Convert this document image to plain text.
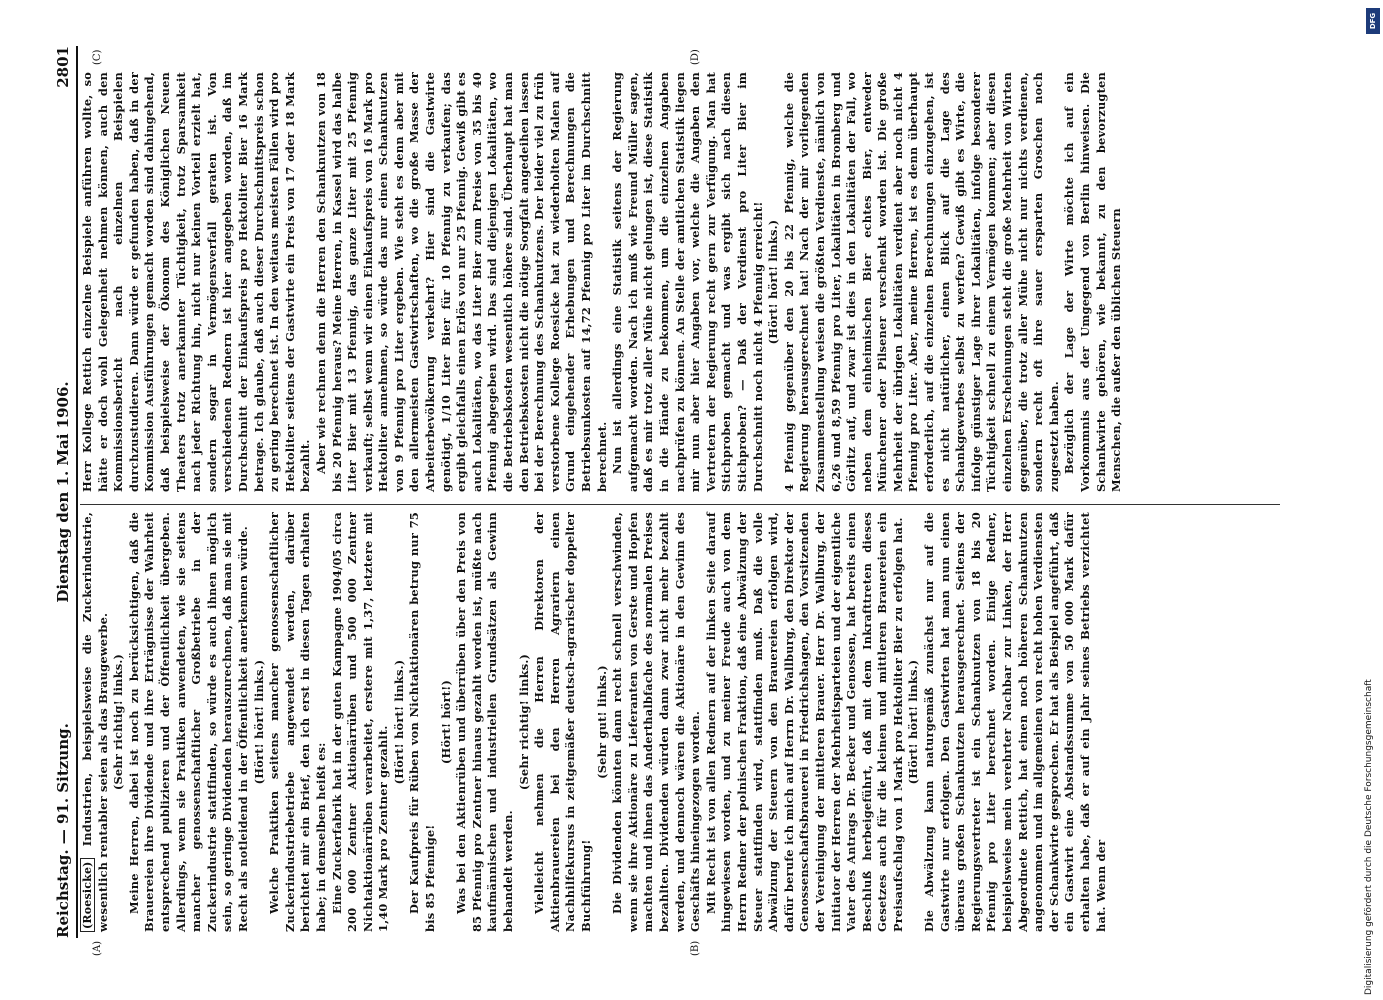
Reichstag. — 91. Sitzung.
Dienstag den 1. Mai 1906.
2801
(A)	(B)
(C)	(D)

(Roesicke) Industrien, beispielsweise die Zuckerindustrie, wesentlich rentabler seien als das Braugewerbe. (Sehr richtig! links.) Meine Herren, dabei ist noch zu berücksichtigen, daß die Brauereien ihre Dividende und ihre Erträgnisse der Wahrheit entsprechend publizieren und der Öffentlichkeit übergeben. Allerdings, wenn sie Praktiken anwendeten, wie sie seitens mancher genossenschaftlicher Großbetriebe in der Zuckerindustrie stattfinden, so würde es auch ihnen möglich sein, so geringe Dividenden herauszurechnen, daß man sie mit Recht als notleidend in der Öffentlichkeit anerkennen würde. (Hört! hört! links.) Welche Praktiken seitens mancher genossenschaftlicher Zuckerindustriebetriebe angewendet werden, darüber berichtet mir ein Brief, den ich erst in diesen Tagen erhalten habe; in demselben heißt es: Eine Zuckerfabrik hat in der guten Kampagne 1904/05 circa 200 000 Zentner Aktionärrüben und 500 000 Zentner Nichtaktionärrüben verarbeitet, erstere mit 1,37, letztere mit 1,40 Mark pro Zentner gezahlt.

(Hört! hört! links.) Der Kaufpreis für Rüben von Nichtaktionären betrug nur 75 bis 85 Pfennige!

(Hört! hört!) Was bei den Aktienrüben und überrüben über den Preis von 85 Pfennig pro Zentner hinaus gezahlt worden ist, müßte nach kaufmännischen und industriellen Grundsätzen als Gewinn behandelt werden.

(Sehr richtig! links.) Vielleicht nehmen die Herren Direktoren der Aktienbrauereien bei den Herren Agrariern einen Nachhilfekursus in zeitgemäßer deutsch-agrarischer doppelter Buchführung!

(Sehr gut! links.) Die Dividenden könnten dann recht schnell verschwinden, wenn sie ihre Aktionäre zu Lieferanten von Gerste und Hopfen machten und ihnen das Anderthalbfache des normalen Preises bezahlten. Dividenden würden dann zwar nicht mehr bezahlt werden, und dennoch wären die Aktionäre in den Gewinn des Geschäfts hineingezogen worden. Mit Recht ist von allen Rednern auf der linken Seite darauf hingewiesen worden, und zu meiner Freude auch von dem Herrn Redner der polnischen Fraktion, daß eine Abwälzung der Steuer stattfinden wird, stattfinden muß. Daß die volle Abwälzung der Steuern von den Brauereien erfolgen wird, dafür berufe ich mich auf Herrn Dr. Wallburg, den Direktor der Genossenschaftsbrauerei in Friedrichshagen, den Vorsitzenden der Vereinigung der mittleren Brauer. Herr Dr. Wallburg, der Initiator der Herren der Mehrheitsparteien und der eigentliche Vater des Antrags Dr. Becker und Genossen, hat bereits einen Beschluß herbeigeführt, daß mit dem Inkrafttreten dieses Gesetzes auch für die kleinen und mittleren Brauereien ein Preisaufschlag von 1 Mark pro Hektoliter Bier zu erfolgen hat. (Hört! hört! links.) Die Abwälzung kann naturgemäß zunächst nur auf die Gastwirte nur erfolgen. Den Gastwirten hat man nun einen überaus großen Schanknutzen herausgerechnet. Seitens der Regierungsvertreter ist ein Schanknutzen von 18 bis 20 Pfennig pro Liter berechnet worden. Einige Redner, beispielsweise mein verehrter Nachbar zur Linken, der Herr Abgeordnete Rettich, hat einen noch höheren Schanknutzen angenommen und im allgemeinen von recht hohen Verdiensten der Schankwirte gesprochen. Er hat als Beispiel angeführt, daß ein Gastwirt eine Abstandssumme von 50 000 Mark dafür erhalten habe, daß er auf ein Jahr seines Betriebs verzichtet hat. Wenn der

Herr Kollege Rettich einzelne Beispiele anführen wollte, so hätte er doch wohl Gelegenheit nehmen können, auch den Kommissionsbericht nach einzelnen Beispielen durchzustudieren. Dann würde er gefunden haben, daß in der Kommission Ausführungen gemacht worden sind dahingehend, daß beispielsweise der Ökonom des Königlichen Neuen Theaters trotz anerkannter Tüchtigkeit, trotz Sparsamkeit nach jeder Richtung hin, nicht nur keinen Vorteil erzielt hat, sondern sogar in Vermögensverfall geraten ist. Von verschiedenen Rednern ist hier angegeben worden, daß im Durchschnitt der Einkaufspreis pro Hektoliter Bier 16 Mark betrage. Ich glaube, daß auch dieser Durchschnittspreis schon zu gering berechnet ist. In den weitaus meisten Fällen wird pro Hektoliter seitens der Gastwirte ein Preis von 17 oder 18 Mark bezahlt. Aber wie rechnen denn die Herren den Schanknutzen von 18 bis 20 Pfennig heraus? Meine Herren, in Kassel wird das halbe Liter Bier mit 13 Pfennig, das ganze Liter mit 25 Pfennig verkauft; selbst wenn wir einen Einkaufspreis von 16 Mark pro Hektoliter annehmen, so würde das nur einen Schanknutzen von 9 Pfennig pro Liter ergeben. Wie steht es denn aber mit den allermeisten Gastwirtschaften, wo die große Masse der Arbeiterbevölkerung verkehrt? Hier sind die Gastwirte genötigt, 1/10 Liter Bier für 10 Pfennig zu verkaufen; das ergibt gleichfalls einen Erlös von nur 25 Pfennig. Gewiß gibt es auch Lokalitäten, wo das Liter Bier zum Preise von 35 bis 40 Pfennig abgegeben wird. Das sind diejenigen Lokalitäten, wo die Betriebskosten wesentlich höhere sind. Überhaupt hat man den Betriebskosten nicht die nötige Sorgfalt angedeihen lassen bei der Berechnung des Schanknutzens. Der leider viel zu früh verstorbene Kollege Roesicke hat zu wiederholten Malen auf Grund eingehender Erhebungen und Berechnungen die Betriebsunkosten auf 14,72 Pfennig pro Liter im Durchschnitt berechnet. Nun ist allerdings eine Statistik seitens der Regierung aufgemacht worden. Nach ich muß wie Freund Müller sagen, daß es mir trotz aller Mühe nicht gelungen ist, diese Statistik in die Hände zu bekommen, um die einzelnen Angaben nachprüfen zu können. An Stelle der amtlichen Statistik liegen mir nun aber hier Angaben vor, welche die Angaben den Vertretern der Regierung recht gern zur Verfügung. Man hat Stichproben gemacht und was ergibt sich nach diesen Stichproben? — Daß der Verdienst pro Liter Bier im Durchschnitt noch nicht 4 Pfennig erreicht! (Hört! hört! links.) 4 Pfennig gegenüber den 20 bis 22 Pfennig, welche die Regierung herausgerechnet hat! Nach der mir vorliegenden Zusammenstellung weisen die größten Verdienste, nämlich von 6,26 und 8,59 Pfennig pro Liter, Lokalitäten in Bromberg und Görlitz auf, und zwar ist dies in den Lokalitäten der Fall, wo neben dem einheimischen Bier echtes Bier, entweder Münchener oder Pilsener verschenkt worden ist. Die große Mehrheit der übrigen Lokalitäten verdient aber noch nicht 4 Pfennig pro Liter. Aber, meine Herren, ist es denn überhaupt erforderlich, auf die einzelnen Berechnungen einzugehen, ist es nicht natürlicher, einen Blick auf die Lage des Schankgewerbes selbst zu werfen? Gewiß gibt es Wirte, die infolge günstiger Lage ihrer Lokalitäten, infolge besonderer Tüchtigkeit schnell zu einem Vermögen kommen; aber diesen einzelnen Erscheinungen steht die große Mehrheit von Wirten gegenüber, die trotz aller Mühe nicht nur nichts verdienen, sondern recht oft ihre sauer ersparten Groschen noch zugesetzt haben. Bezüglich der Lage der Wirte möchte ich auf ein Vorkommnis aus der Umgegend von Berlin hinweisen. Die Schankwirte gehören, wie bekannt, zu den bevorzugten Menschen, die außer den üblichen Steuern

DFG
Digitalisierung gefördert durch die Deutsche Forschungsgemeinschaft
